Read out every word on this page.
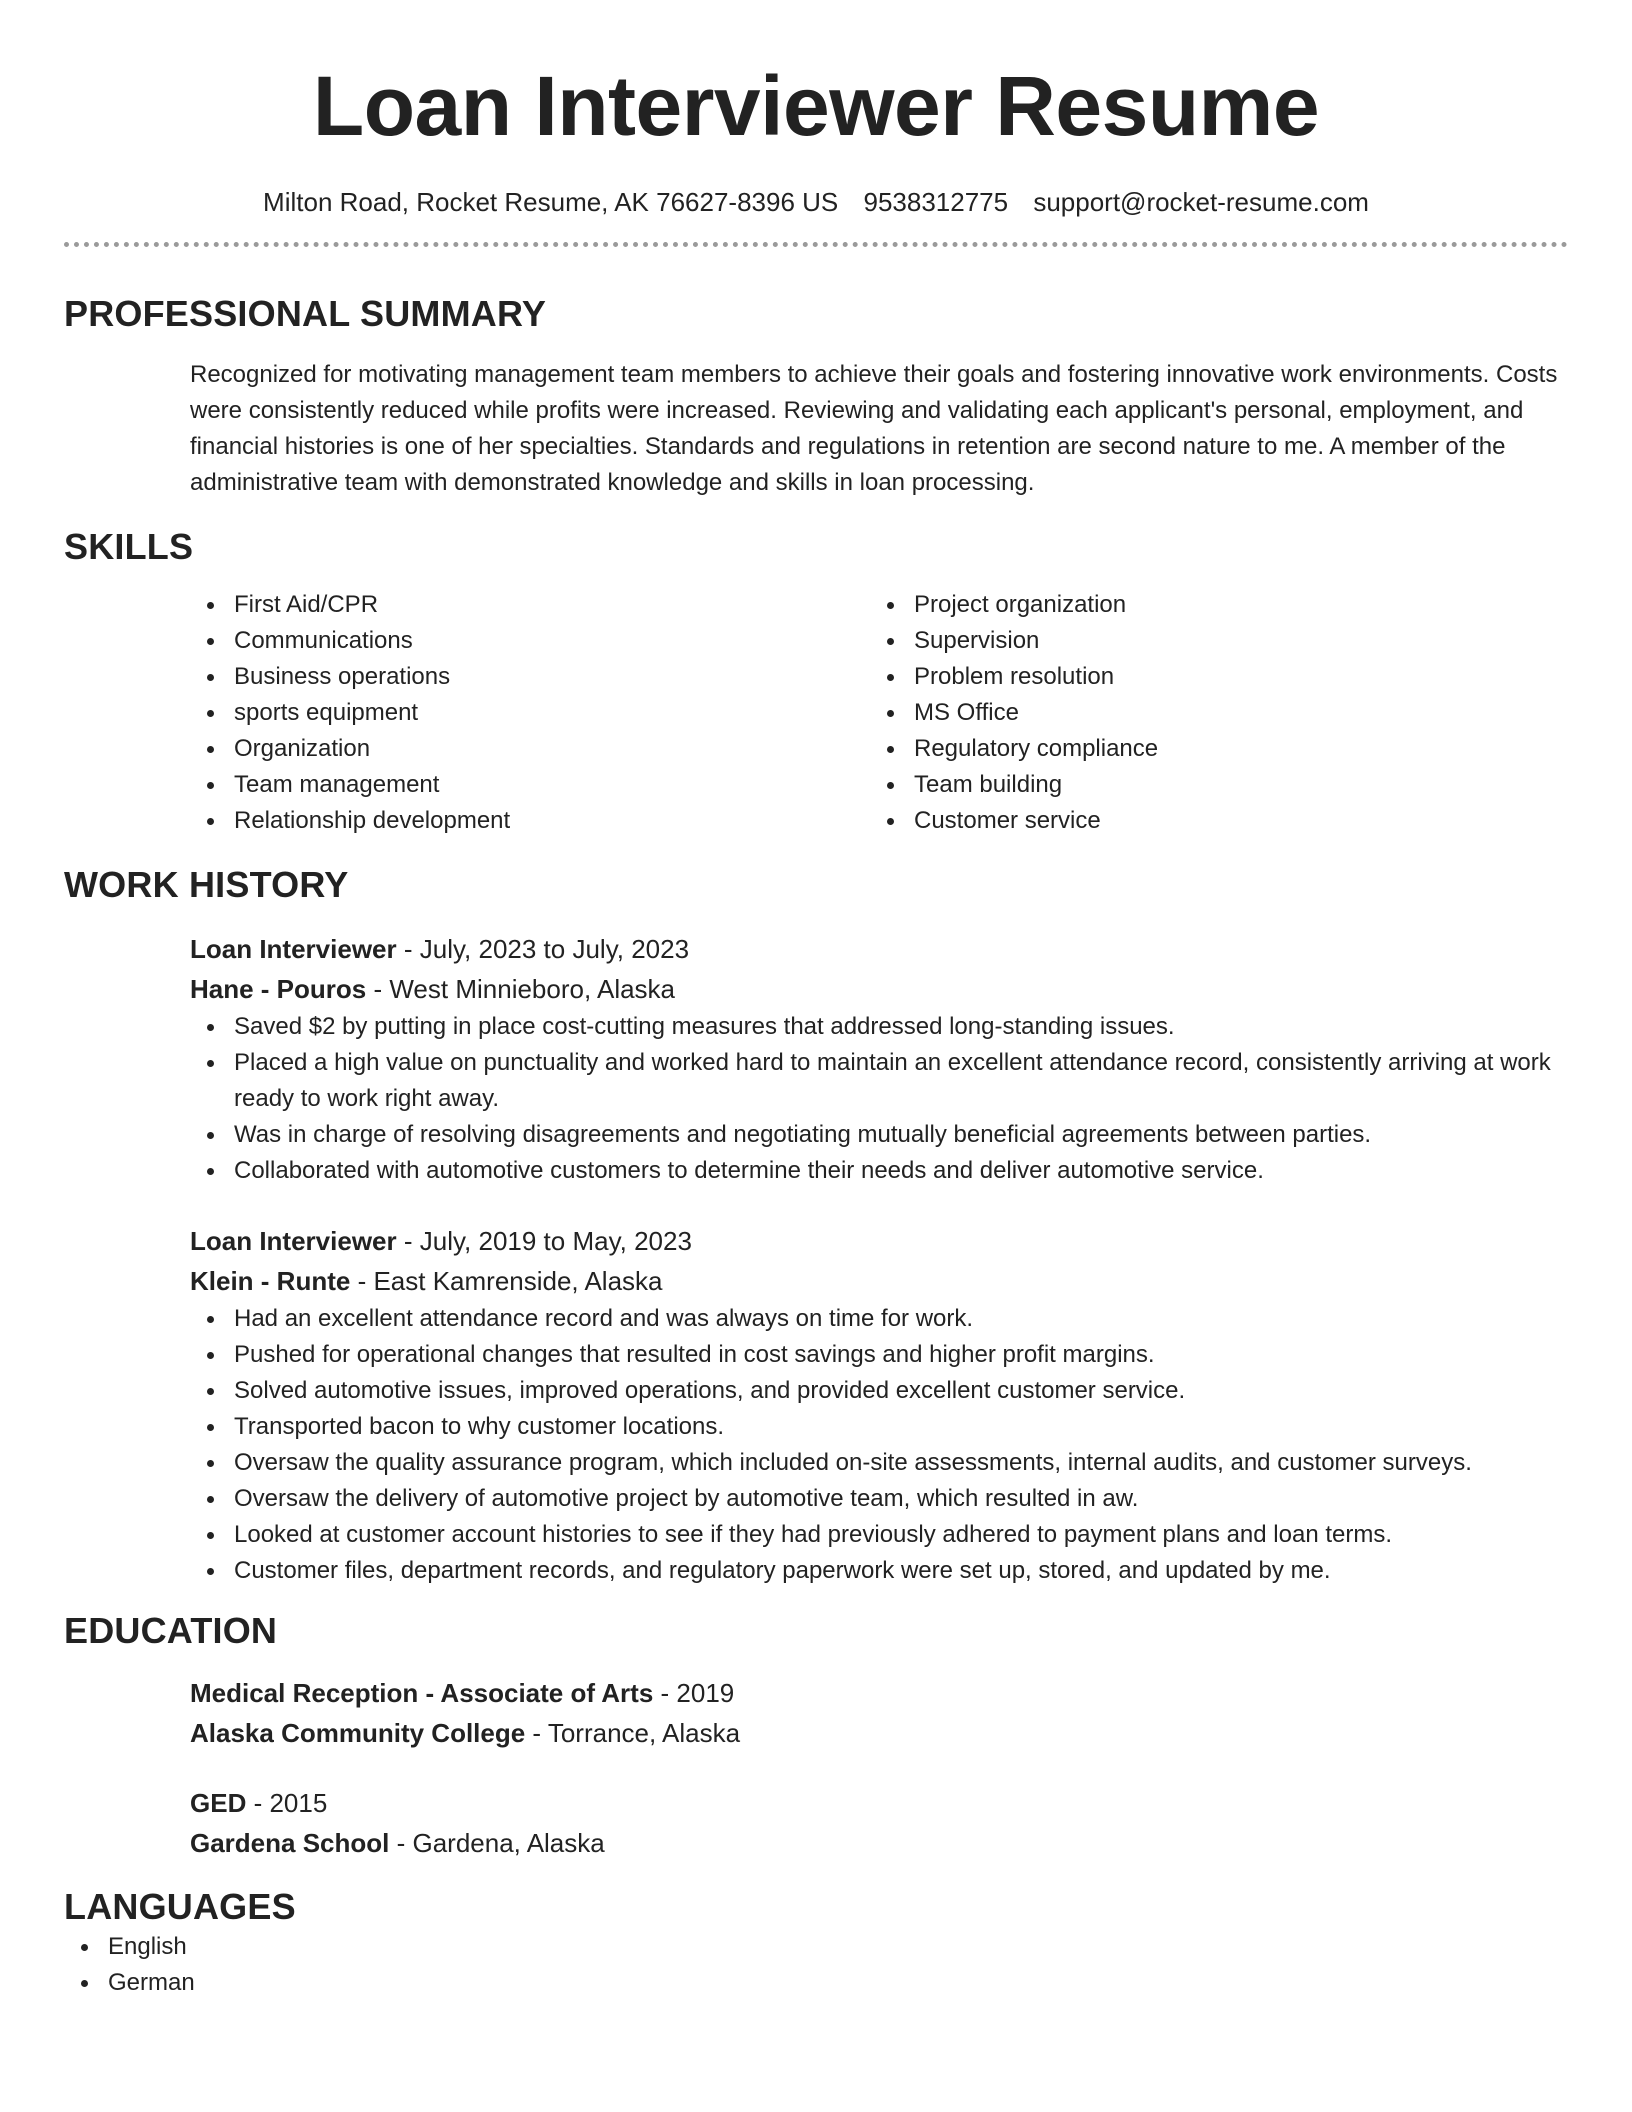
Loan Interviewer Resume
Milton Road, Rocket Resume, AK 76627-8396 US 9538312775 support@rocket-resume.com
PROFESSIONAL SUMMARY
Recognized for motivating management team members to achieve their goals and fostering innovative work environments. Costs were consistently reduced while profits were increased. Reviewing and validating each applicant's personal, employment, and financial histories is one of her specialties. Standards and regulations in retention are second nature to me. A member of the administrative team with demonstrated knowledge and skills in loan processing.
SKILLS
First Aid/CPR
Communications
Business operations
sports equipment
Organization
Team management
Relationship development
Project organization
Supervision
Problem resolution
MS Office
Regulatory compliance
Team building
Customer service
WORK HISTORY
Loan Interviewer - July, 2023 to July, 2023
Hane - Pouros - West Minnieboro, Alaska
Saved $2 by putting in place cost-cutting measures that addressed long-standing issues.
Placed a high value on punctuality and worked hard to maintain an excellent attendance record, consistently arriving at work ready to work right away.
Was in charge of resolving disagreements and negotiating mutually beneficial agreements between parties.
Collaborated with automotive customers to determine their needs and deliver automotive service.
Loan Interviewer - July, 2019 to May, 2023
Klein - Runte - East Kamrenside, Alaska
Had an excellent attendance record and was always on time for work.
Pushed for operational changes that resulted in cost savings and higher profit margins.
Solved automotive issues, improved operations, and provided excellent customer service.
Transported bacon to why customer locations.
Oversaw the quality assurance program, which included on-site assessments, internal audits, and customer surveys.
Oversaw the delivery of automotive project by automotive team, which resulted in aw.
Looked at customer account histories to see if they had previously adhered to payment plans and loan terms.
Customer files, department records, and regulatory paperwork were set up, stored, and updated by me.
EDUCATION
Medical Reception - Associate of Arts - 2019
Alaska Community College - Torrance, Alaska
GED - 2015
Gardena School - Gardena, Alaska
LANGUAGES
English
German
